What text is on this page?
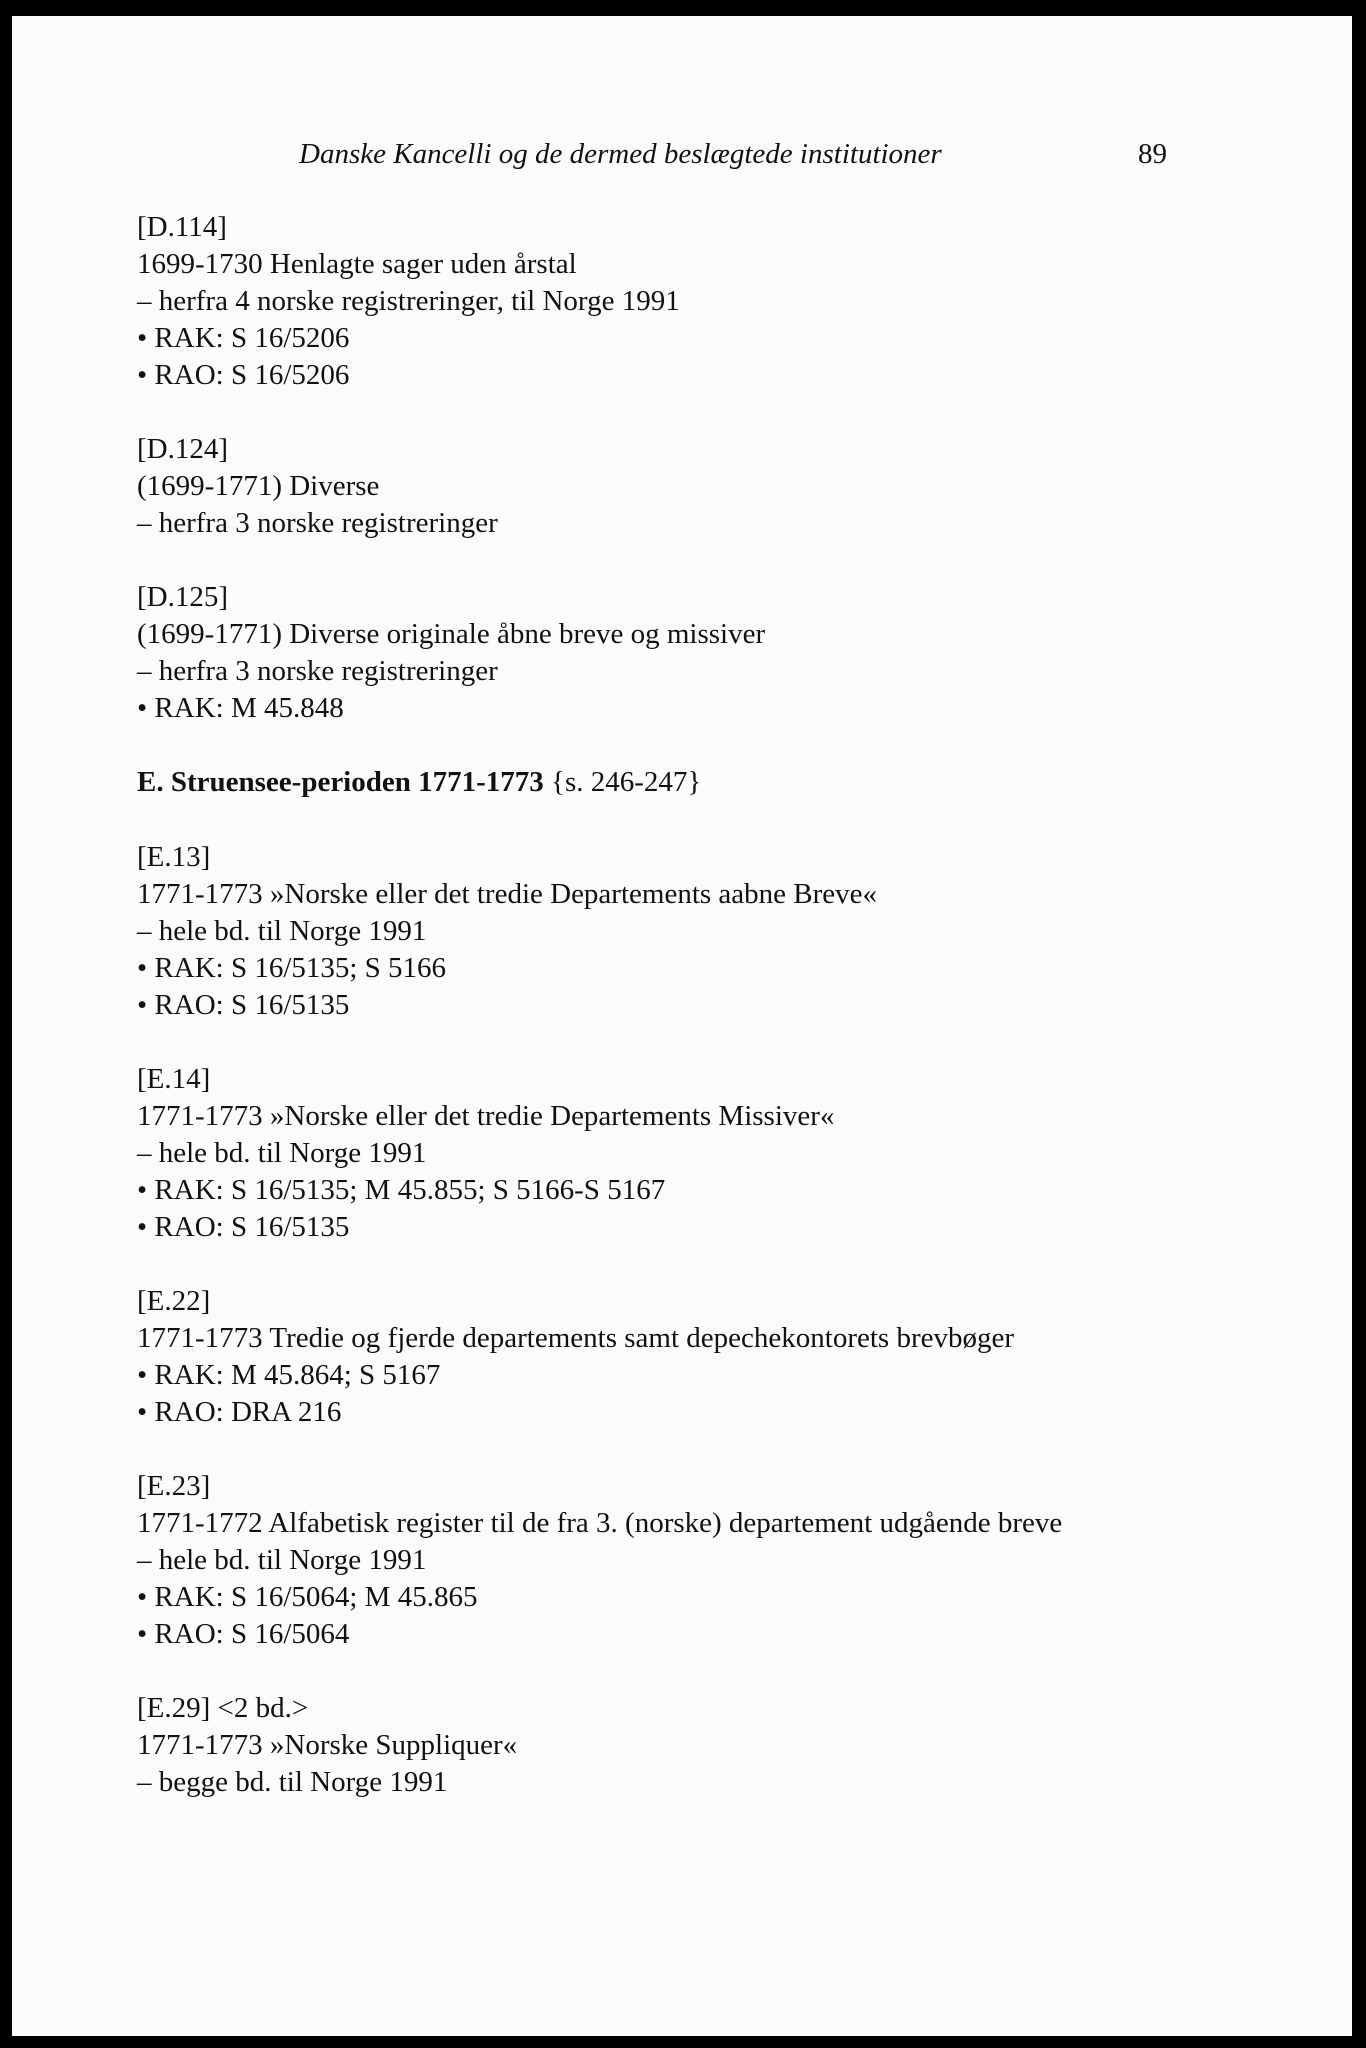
Danske Kancelli og de dermed beslægtede institutioner	89
[D.114]
1699-1730 Henlagte sager uden årstal
– herfra 4 norske registreringer, til Norge 1991
• RAK: S 16/5206
• RAO: S 16/5206
[D.124]
(1699-1771) Diverse
– herfra 3 norske registreringer
[D.125]
(1699-1771) Diverse originale åbne breve og missiver
– herfra 3 norske registreringer
• RAK: M 45.848
E. Struensee-perioden 1771-1773 {s. 246-247}
[E.13]
1771-1773 »Norske eller det tredie Departements aabne Breve«
– hele bd. til Norge 1991
• RAK: S 16/5135; S 5166
• RAO: S 16/5135
[E.14]
1771-1773 »Norske eller det tredie Departements Missiver«
– hele bd. til Norge 1991
• RAK: S 16/5135; M 45.855; S 5166-S 5167
• RAO: S 16/5135
[E.22]
1771-1773 Tredie og fjerde departements samt depechekontorets brevbøger
• RAK: M 45.864; S 5167
• RAO: DRA 216
[E.23]
1771-1772 Alfabetisk register til de fra 3. (norske) departement udgående breve
– hele bd. til Norge 1991
• RAK: S 16/5064; M 45.865
• RAO: S 16/5064
[E.29] <2 bd.>
1771-1773 »Norske Suppliquer«
– begge bd. til Norge 1991
